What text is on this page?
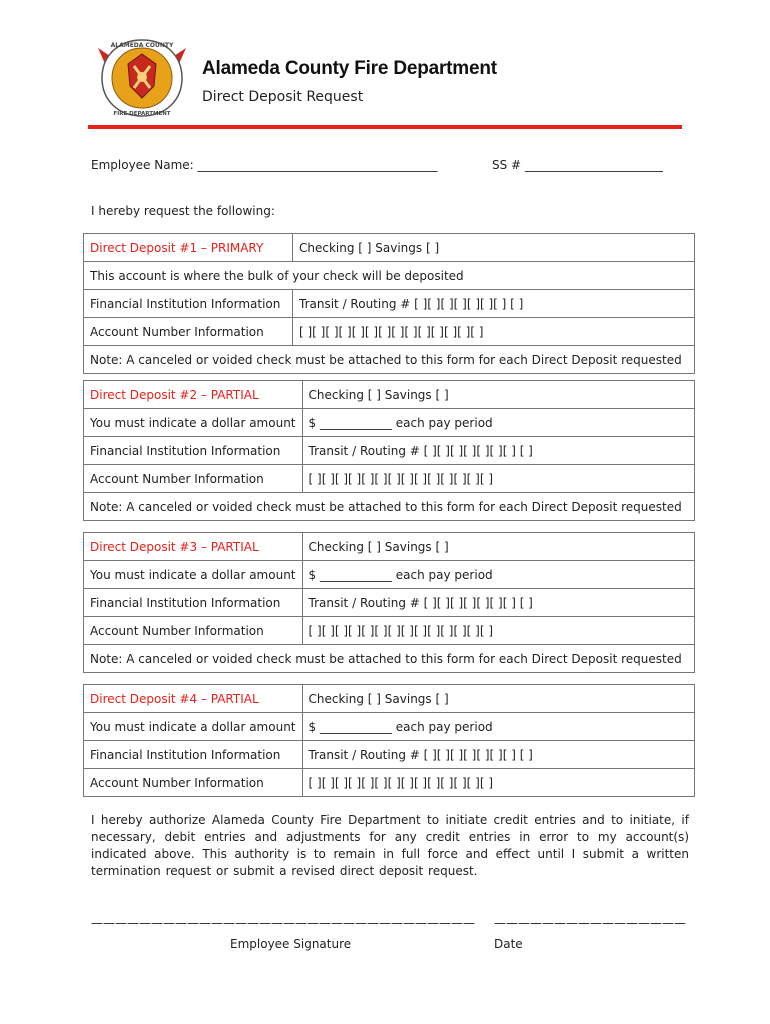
ALAMEDA COUNTY
FIRE DEPARTMENT
Alameda County Fire Department
Direct Deposit Request
Employee Name: ________________________________________	SS # _______________________
I hereby request the following:
Direct Deposit #1 – PRIMARY	Checking [ ] Savings [ ]
This account is where the bulk of your check will be deposited	
Financial Institution Information	Transit / Routing # [ ][ ][ ][ ][ ][ ][ ] [ ]
Account Number Information	[ ][ ][ ][ ][ ][ ][ ][ ][ ][ ][ ][ ][ ][ ]
Note: A canceled or voided check must be attached to this form for each Direct Deposit requested	
Direct Deposit #2 – PARTIAL	Checking [ ] Savings [ ]
You must indicate a dollar amount	$ ____________ each pay period
Financial Institution Information	Transit / Routing # [ ][ ][ ][ ][ ][ ][ ] [ ]
Account Number Information	[ ][ ][ ][ ][ ][ ][ ][ ][ ][ ][ ][ ][ ][ ]
Note: A canceled or voided check must be attached to this form for each Direct Deposit requested	
Direct Deposit #3 – PARTIAL	Checking [ ] Savings [ ]
You must indicate a dollar amount	$ ____________ each pay period
Financial Institution Information	Transit / Routing # [ ][ ][ ][ ][ ][ ][ ] [ ]
Account Number Information	[ ][ ][ ][ ][ ][ ][ ][ ][ ][ ][ ][ ][ ][ ]
Note: A canceled or voided check must be attached to this form for each Direct Deposit requested	
Direct Deposit #4 – PARTIAL	Checking [ ] Savings [ ]
You must indicate a dollar amount	$ ____________ each pay period
Financial Institution Information	Transit / Routing # [ ][ ][ ][ ][ ][ ][ ] [ ]
Account Number Information	[ ][ ][ ][ ][ ][ ][ ][ ][ ][ ][ ][ ][ ][ ]
I hereby authorize Alameda County Fire Department to initiate credit entries and to initiate, if necessary, debit entries and adjustments for any credit entries in error to my account(s) indicated above. This authority is to remain in full force and effect until I submit a written termination request or submit a revised direct deposit request.
————————————————————————————————
Employee Signature
————————————————
Date
